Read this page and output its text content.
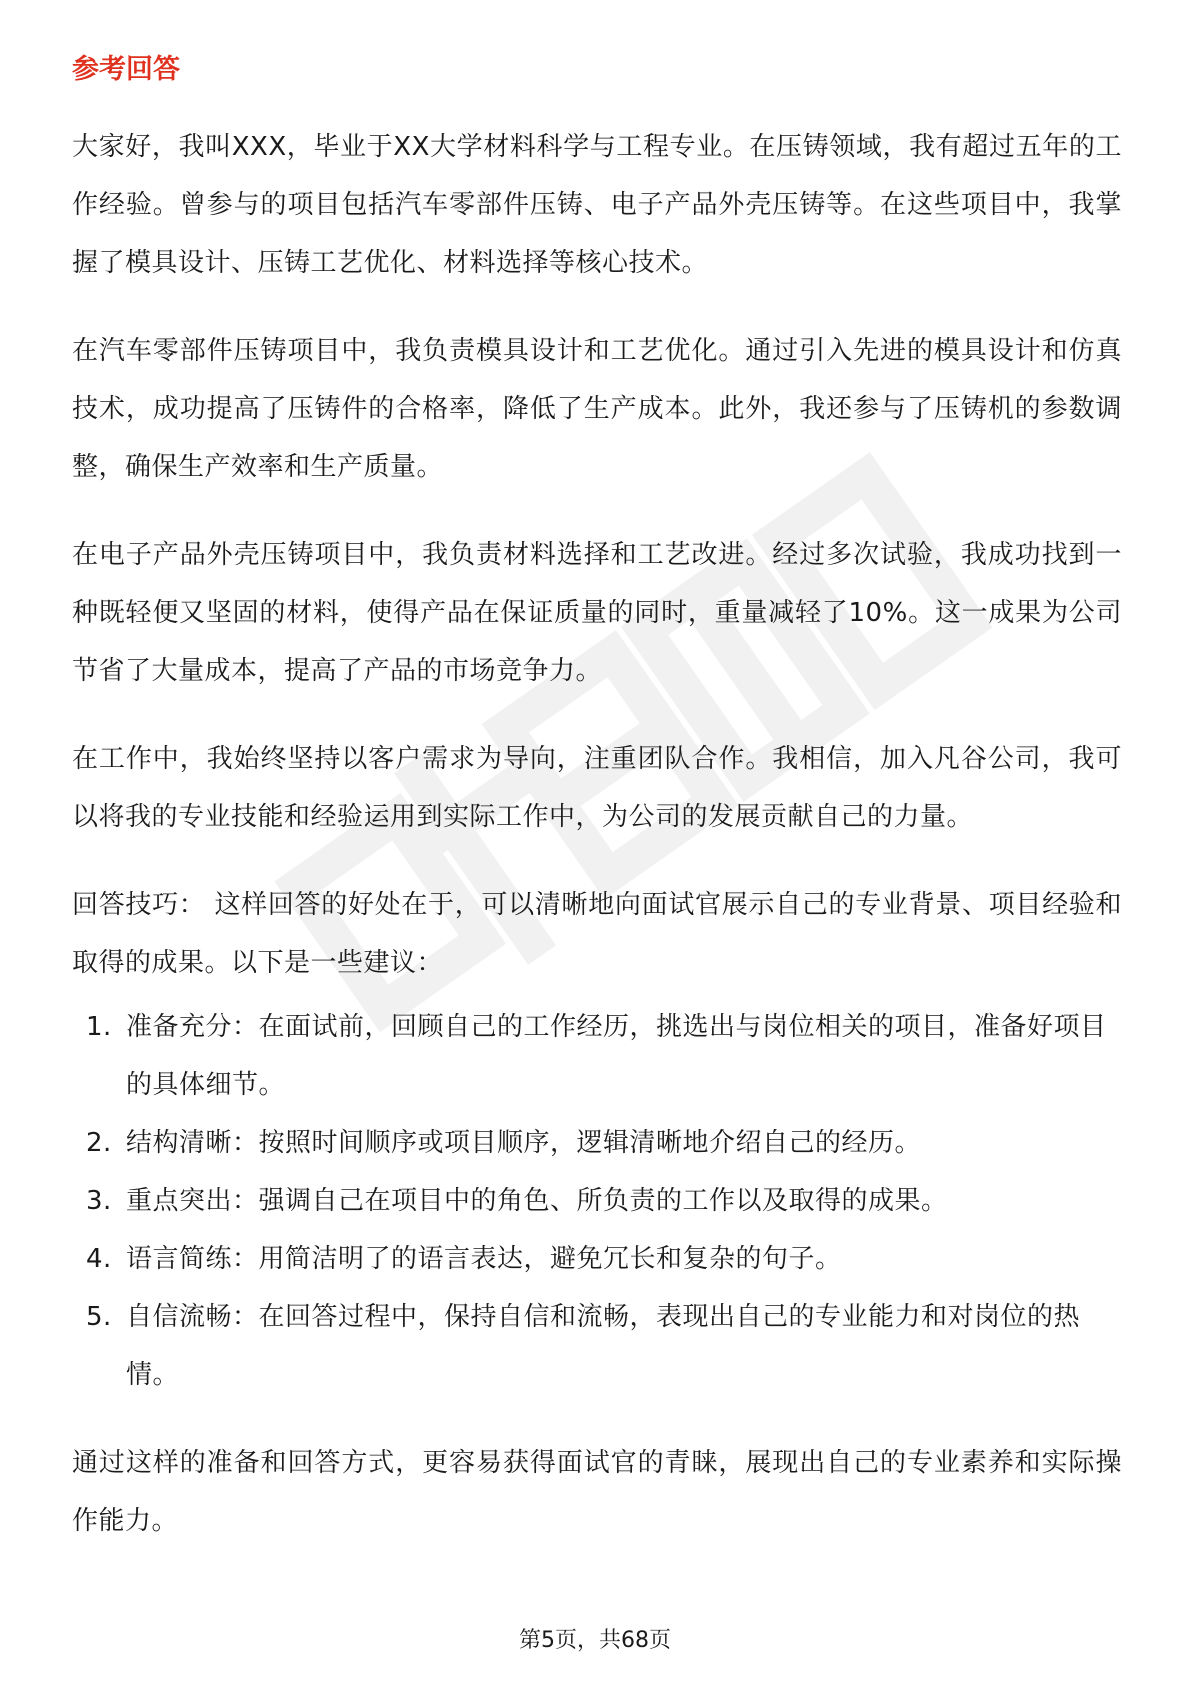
参考回答

大家好，我叫XXX，毕业于XX大学材料科学与工程专业。在压铸领域，我有超过五年的工作经验。曾参与的项目包括汽车零部件压铸、电子产品外壳压铸等。在这些项目中，我掌握了模具设计、压铸工艺优化、材料选择等核心技术。

在汽车零部件压铸项目中，我负责模具设计和工艺优化。通过引入先进的模具设计和仿真技术，成功提高了压铸件的合格率，降低了生产成本。此外，我还参与了压铸机的参数调整，确保生产效率和生产质量。

在电子产品外壳压铸项目中，我负责材料选择和工艺改进。经过多次试验，我成功找到一种既轻便又坚固的材料，使得产品在保证质量的同时，重量减轻了10%。这一成果为公司节省了大量成本，提高了产品的市场竞争力。

在工作中，我始终坚持以客户需求为导向，注重团队合作。我相信，加入凡谷公司，我可以将我的专业技能和经验运用到实际工作中，为公司的发展贡献自己的力量。

回答技巧： 这样回答的好处在于，可以清晰地向面试官展示自己的专业背景、项目经验和取得的成果。以下是一些建议：

1. 准备充分：在面试前，回顾自己的工作经历，挑选出与岗位相关的项目，准备好项目的具体细节。
2. 结构清晰：按照时间顺序或项目顺序，逻辑清晰地介绍自己的经历。
3. 重点突出：强调自己在项目中的角色、所负责的工作以及取得的成果。
4. 语言简练：用简洁明了的语言表达，避免冗长和复杂的句子。
5. 自信流畅：在回答过程中，保持自信和流畅，表现出自己的专业能力和对岗位的热情。

通过这样的准备和回答方式，更容易获得面试官的青睐，展现出自己的专业素养和实际操作能力。

第5页，共68页
